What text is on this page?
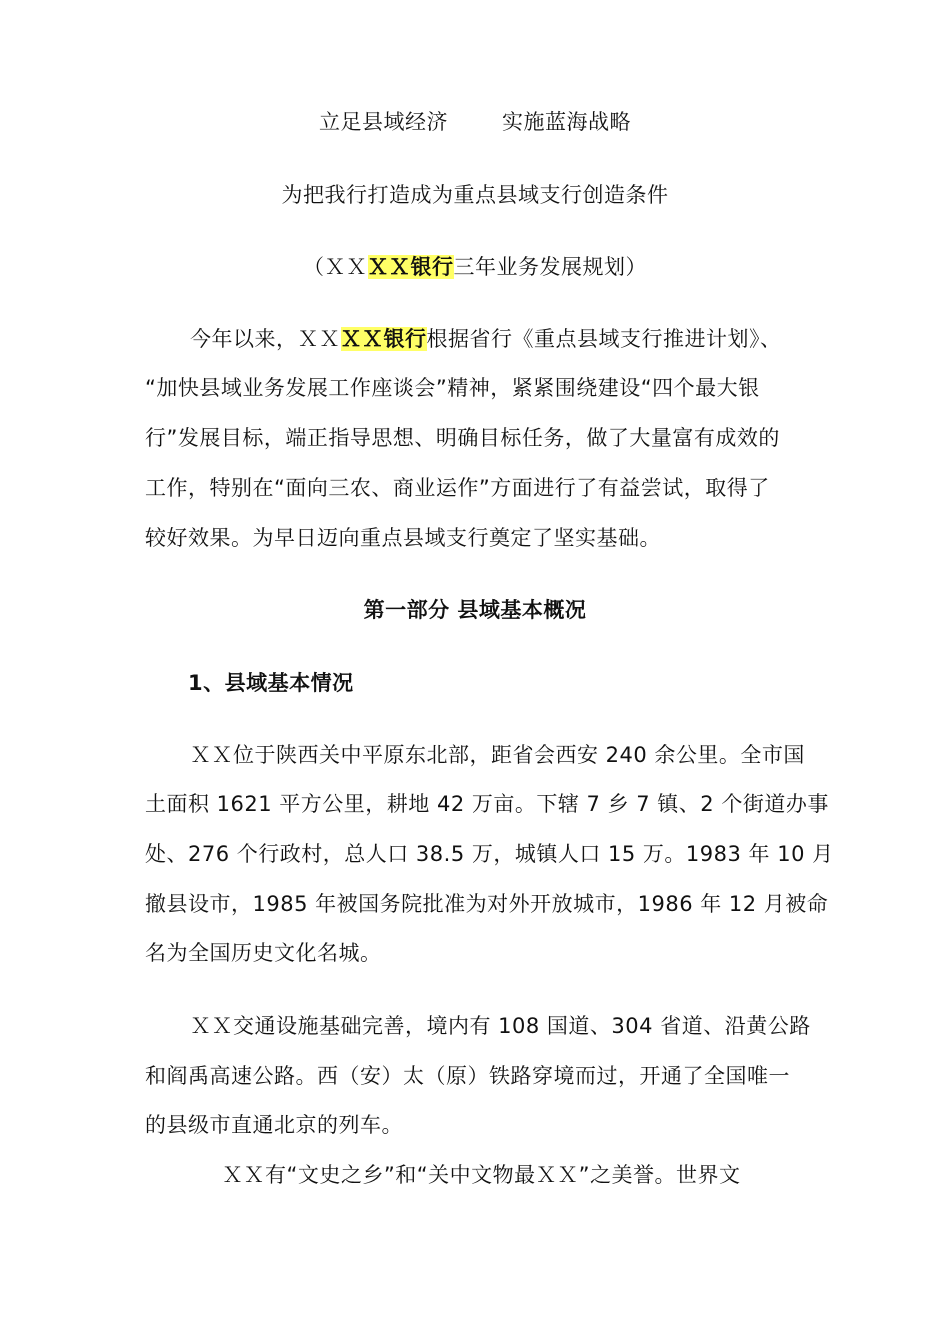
立足县域经济	实施蓝海战略
为把我行打造成为重点县域支行创造条件
（ＸＸＸＸ银行三年业务发展规划）
今年以来，ＸＸＸＸ银行根据省行《重点县域支行推进计划》、
“加快县域业务发展工作座谈会”精神，紧紧围绕建设“四个最大银
行”发展目标，端正指导思想、明确目标任务，做了大量富有成效的
工作，特别在“面向三农、商业运作”方面进行了有益尝试，取得了
较好效果。为早日迈向重点县域支行奠定了坚实基础。
第一部分 县域基本概况
1、县域基本情况
ＸＸ位于陕西关中平原东北部，距省会西安 240 余公里。全市国
土面积 1621 平方公里，耕地 42 万亩。下辖 7 乡 7 镇、2 个街道办事
处、276 个行政村，总人口 38.5 万，城镇人口 15 万。1983 年 10 月
撤县设市，1985 年被国务院批准为对外开放城市，1986 年 12 月被命
名为全国历史文化名城。
ＸＸ交通设施基础完善，境内有 108 国道、304 省道、沿黄公路
和阎禹高速公路。西（安）太（原）铁路穿境而过，开通了全国唯一
的县级市直通北京的列车。
ＸＸ有“文史之乡”和“关中文物最ＸＸ”之美誉。世界文
